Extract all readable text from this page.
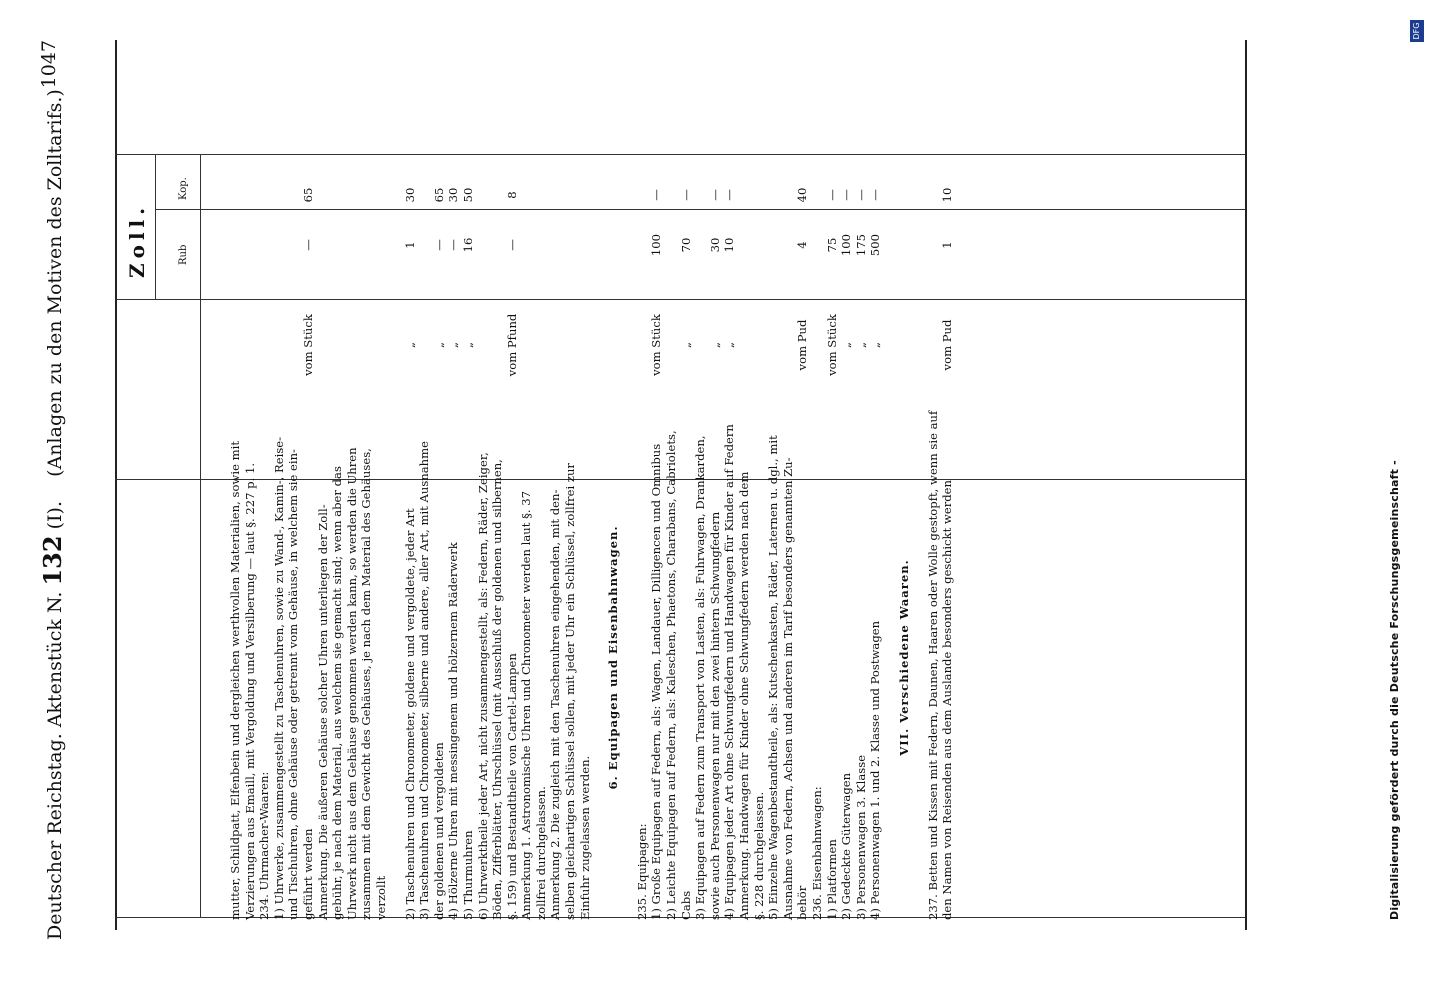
Deutscher Reichstag. Aktenstück N. 132 (I).    (Anlagen zu den Motiven des Zolltarifs.)
1047
Zoll.	Rub
Kop.
mutter, Schildpatt, Elfenbein und dergleichen werthvollen Materialien, sowie mit Verzierungen aus Emaill, mit Vergoldung und Versilberung — laut §. 227 p. 1. 234. Uhrmacher-Waaren: 1) Uhrwerke, zusammengestellt zu Taschenuhren, sowie zu Wand-, Kamin-, Reise- und Tischuhren, ohne Gehäuse oder getrennt vom Gehäuse, in welchem sie ein- geführt werden
vom Stück
—
65
Anmerkung. Die äußeren Gehäuse solcher Uhren unterliegen der Zoll- gebühr, je nach dem Material, aus welchem sie gemacht sind; wenn aber das Uhrwerk nicht aus dem Gehäuse genommen werden kann, so werden die Uhren zusammen mit dem Gewicht des Gehäuses, je nach dem Material des Gehäuses, verzollt 2) Taschenuhren und Chronometer, goldene und vergoldete, jeder Art
„
1
30
3) Taschenuhren und Chronometer, silberne und andere, aller Art, mit Ausnahme der goldenen und vergoldeten
„
—
65
4) Hölzerne Uhren mit messingenem und hölzernem Räderwerk
„
—
30
5) Thurmuhren
„
16
50
6) Uhrwerktheile jeder Art, nicht zusammengestellt, als: Federn, Räder, Zeiger, Böden, Zifferblätter, Uhrschlüssel (mit Ausschluß der goldenen und silbernen, §. 159) und Bestandtheile von Cartel-Lampen
vom Pfund
—
8
Anmerkung 1. Astronomische Uhren und Chronometer werden laut §. 37 zollfrei durchgelassen. Anmerkung 2. Die zugleich mit den Taschenuhren eingehenden, mit den- selben gleichartigen Schlüssel sollen, mit jeder Uhr ein Schlüssel, zollfrei zur Einfuhr zugelassen werden.
6. Equipagen und Eisenbahnwagen.
235. Equipagen: 1) Große Equipagen auf Federn, als: Wagen, Landauer, Dilligencen und Omnibus
vom Stück
100
—
2) Leichte Equipagen auf Federn, als: Kaleschen, Phaetons, Charabans, Cabriolets, Cabs
„
70
—
3) Equipagen auf Federn zum Transport von Lasten, als: Fuhrwagen, Drankarden, sowie auch Personenwagen nur mit den zwei hintern Schwungfedern
„
30
—
4) Equipagen jeder Art ohne Schwungfedern und Handwagen für Kinder auf Federn
„
10
—
Anmerkung. Handwagen für Kinder ohne Schwungfedern werden nach dem §. 228 durchgelassen. 5) Einzelne Wagenbestandtheile, als: Kutschenkasten, Räder, Laternen u. dgl., mit Ausnahme von Federn, Achsen und anderen im Tarif besonders genannten Zu- behör
vom Pud
4
40
236. Eisenbahnwagen: 1) Platformen
vom Stück
75
—
2) Gedeckte Güterwagen
„
100
—
3) Personenwagen 3. Klasse
„
175
—
4) Personenwagen 1. und 2. Klasse und Postwagen
„
500
—
VII. Verschiedene Waaren. 237. Betten und Kissen mit Federn, Daunen, Haaren oder Wolle gestopft, wenn sie auf den Namen von Reisenden aus dem Auslande besonders geschickt werden
vom Pud
1
10
Digitalisierung gefördert durch die Deutsche Forschungsgemeinschaft -
DFG
